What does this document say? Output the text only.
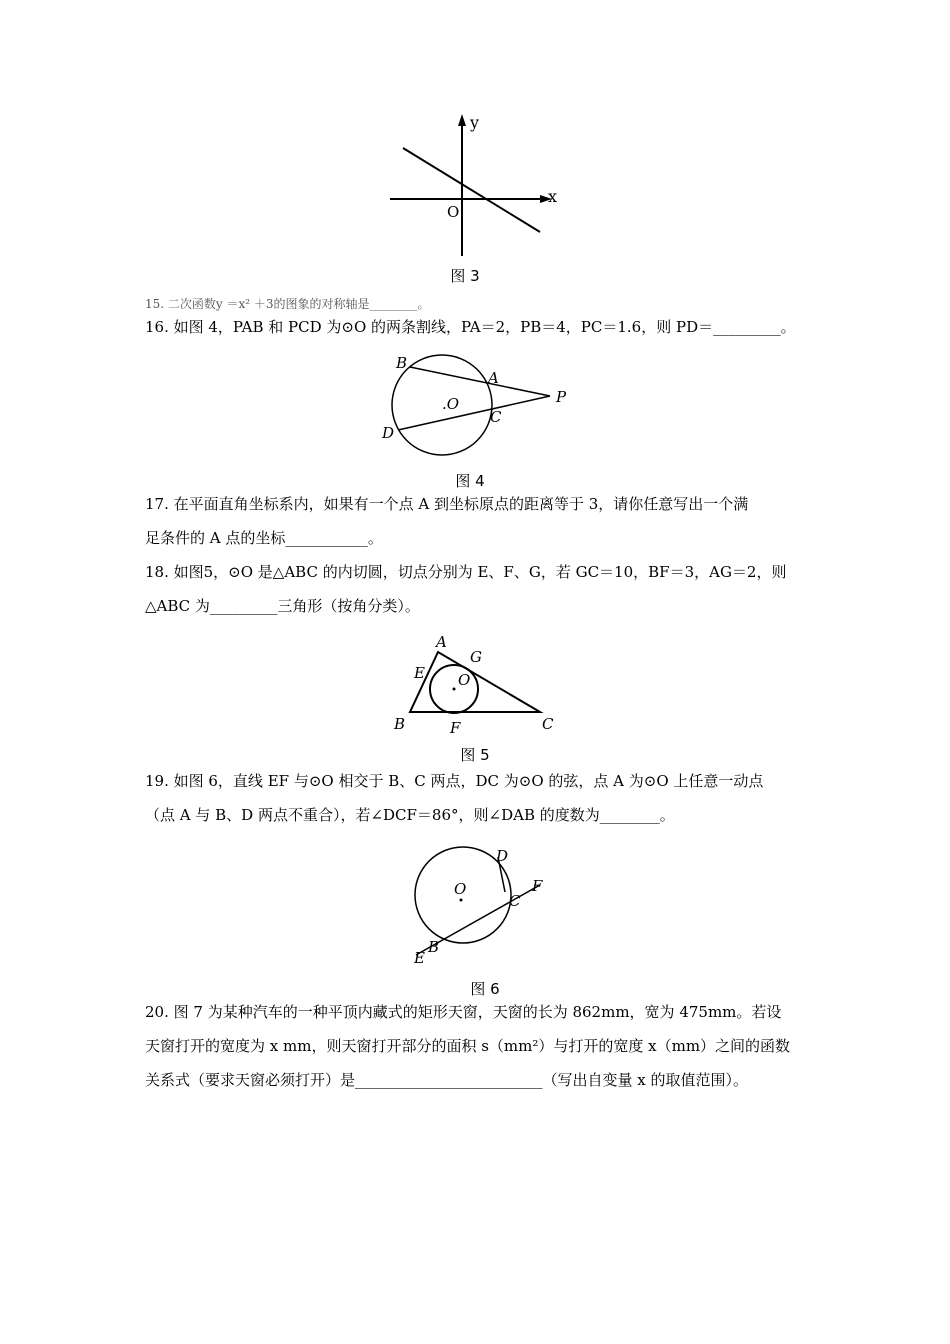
y
x
O
图 3
15. 二次函数y ＝x² ＋3的图象的对称轴是________。
16. 如图 4，PAB 和 PCD 为⊙O 的两条割线，PA＝2，PB＝4，PC＝1.6，则 PD＝_________。
B
A
P
.O
C
D
图 4
17. 在平面直角坐标系内，如果有一个点 A 到坐标原点的距离等于 3，请你任意写出一个满
足条件的 A 点的坐标___________。
18. 如图5，⊙O 是△ABC 的内切圆，切点分别为 E、F、G，若 GC＝10，BF＝3，AG＝2，则
△ABC 为_________三角形（按角分类）。
A
G
E O
B	F	C
图 5
19. 如图 6，直线 EF 与⊙O 相交于 B、C 两点，DC 为⊙O 的弦，点 A 为⊙O 上任意一动点
（点 A 与 B、D 两点不重合），若∠DCF＝86°，则∠DAB 的度数为________。
D
O	F
C
B
E
图 6
20. 图 7 为某种汽车的一种平顶内藏式的矩形天窗，天窗的长为 862mm，宽为 475mm。若设
天窗打开的宽度为 x mm，则天窗打开部分的面积 s（mm²）与打开的宽度 x（mm）之间的函数
关系式（要求天窗必须打开）是_________________________（写出自变量 x 的取值范围）。
